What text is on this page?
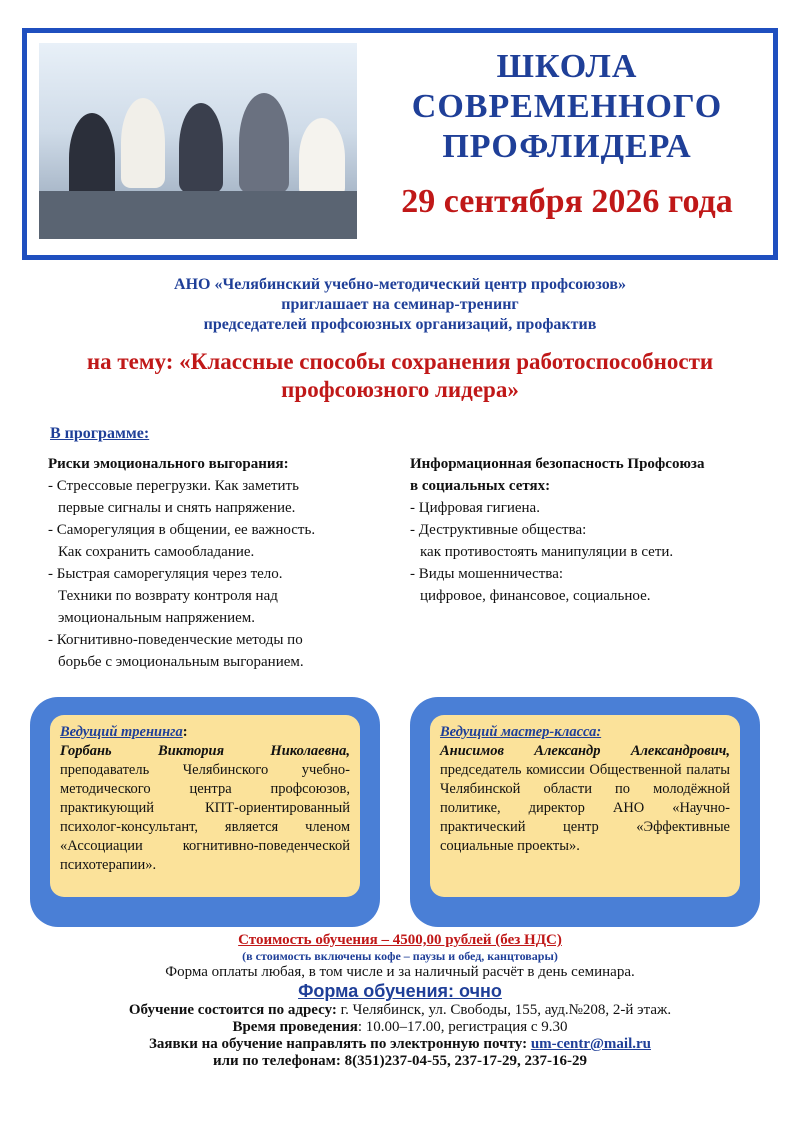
ШКОЛА
СОВРЕМЕННОГО
ПРОФЛИДЕРА
29 сентября 2026 года
АНО «Челябинский учебно-методический центр профсоюзов»
приглашает на семинар-тренинг
председателей профсоюзных организаций, профактив
на тему: «Классные способы сохранения работоспособности
профсоюзного лидера»
В программе:
Риски эмоционального выгорания:
- Стрессовые перегрузки. Как заметить
первые сигналы и снять напряжение.
- Саморегуляция в общении, ее важность.
Как сохранить самообладание.
- Быстрая саморегуляция через тело.
Техники по возврату контроля над
эмоциональным напряжением.
- Когнитивно-поведенческие методы по
борьбе с эмоциональным выгоранием.
Информационная безопасность Профсоюза
в социальных сетях:
- Цифровая гигиена.
- Деструктивные общества:
как противостоять манипуляции в сети.
- Виды мошенничества:
цифровое, финансовое, социальное.
Ведущий тренинга:
Горбань Виктория Николаевна, преподаватель Челябинского учебно-методического центра профсоюзов, практикующий КПТ-ориентированный психолог-консультант, является членом «Ассоциации когнитивно-поведенческой психотерапии».
Ведущий мастер-класса:
Анисимов Александр Александрович, председатель комиссии Общественной палаты Челябинской области по молодёжной политике, директор АНО «Научно-практический центр «Эффективные социальные проекты».
Стоимость обучения – 4500,00 рублей (без НДС)
(в стоимость включены кофе – паузы и обед, канцтовары)
Форма оплаты любая, в том числе и за наличный расчёт в день семинара.
Форма обучения: очно
Обучение состоится по адресу: г. Челябинск, ул. Свободы, 155, ауд.№208, 2-й этаж.
Время проведения: 10.00–17.00, регистрация с 9.30
Заявки на обучение направлять по электронную почту: um-centr@mail.ru
или по телефонам: 8(351)237-04-55, 237-17-29, 237-16-29
